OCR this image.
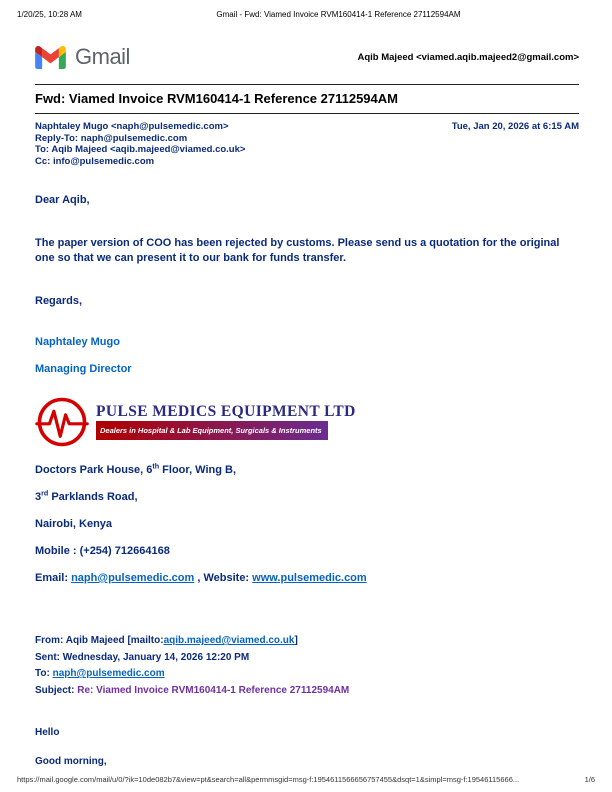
1/20/25, 10:28 AM	Gmail - Fwd: Viamed Invoice RVM160414-1 Reference 27112594AM
Gmail	Aqib Majeed <viamed.aqib.majeed2@gmail.com>
Fwd: Viamed Invoice RVM160414-1 Reference 27112594AM
Naphtaley Mugo <naph@pulsemedic.com>	Tue, Jan 20, 2026 at 6:15 AM
Reply-To: naph@pulsemedic.com
To: Aqib Majeed <aqib.majeed@viamed.co.uk>
Cc: info@pulsemedic.com

Dear Aqib,

The paper version of COO has been rejected by customs. Please send us a quotation for the original one so that we can present it to our bank for funds transfer.

Regards,

Naphtaley Mugo

Managing Director

PULSE MEDICS EQUIPMENT LTD
Dealers in Hospital & Lab Equipment, Surgicals & Instruments
Doctors Park House, 6th Floor, Wing B,
3rd Parklands Road,
Nairobi, Kenya
Mobile : (+254) 712664168
Email: naph@pulsemedic.com , Website: www.pulsemedic.com
From: Aqib Majeed [mailto:aqib.majeed@viamed.co.uk]
Sent: Wednesday, January 14, 2026 12:20 PM
To: naph@pulsemedic.com
Subject: Re: Viamed Invoice RVM160414-1 Reference 27112594AM

Hello

Good morning,

https://mail.google.com/mail/u/0/?ik=10de082b7&view=pt&search=all&permmsgid=msg-f:1954611566656757455&dsqt=1&simpl=msg-f:19546115666...	1/6
